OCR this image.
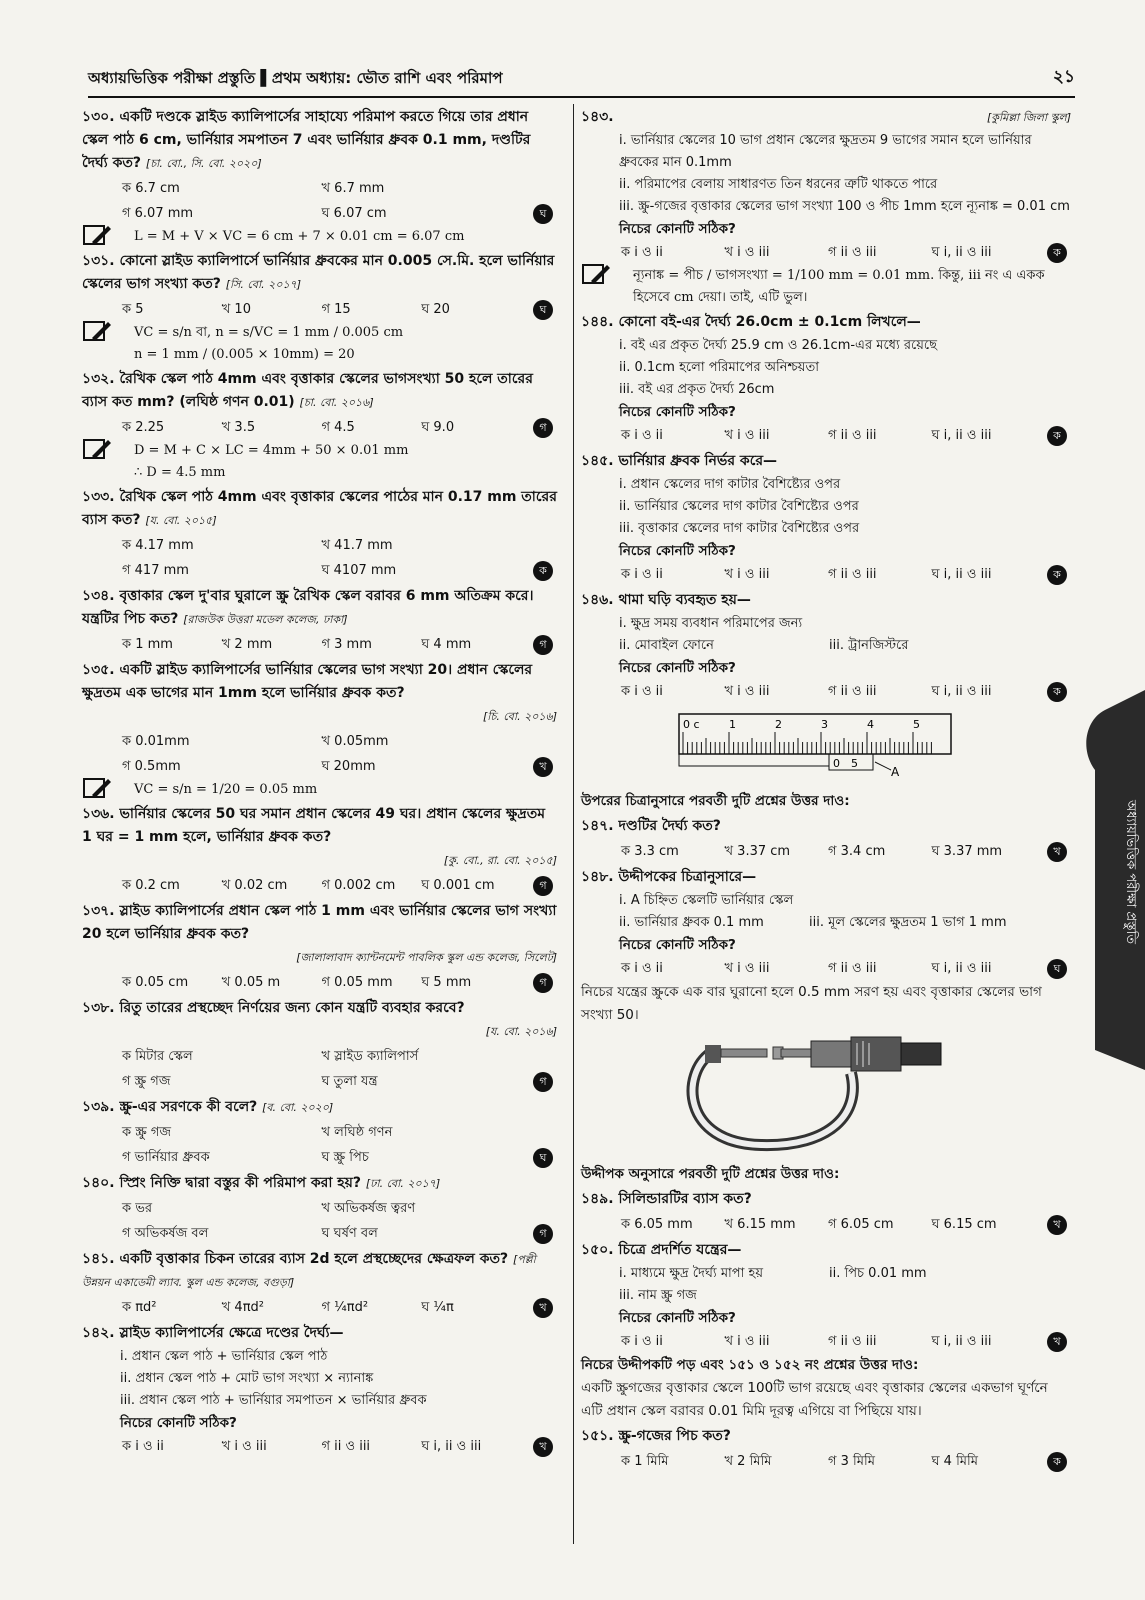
অধ্যায়ভিত্তিক পরীক্ষা প্রস্তুতি ▌প্রথম অধ্যায়: ভৌত রাশি এবং পরিমাপ	২১
১৩০. একটি দণ্ডকে স্লাইড ক্যালিপার্সের সাহায্যে পরিমাপ করতে গিয়ে তার প্রধান স্কেল পাঠ 6 cm, ভার্নিয়ার সমপাতন 7 এবং ভার্নিয়ার ধ্রুবক 0.1 mm, দণ্ডটির দৈর্ঘ্য কত? [চা. বো., সি. বো. ২০২০]
ক 6.7 cm	খ 6.7 mm
গ 6.07 mm	ঘ 6.07 cm	ঘ
L = M + V × VC = 6 cm + 7 × 0.01 cm = 6.07 cm
১৩১. কোনো স্লাইড ক্যালিপার্সে ভার্নিয়ার ধ্রুবকের মান 0.005 সে.মি. হলে ভার্নিয়ার স্কেলের ভাগ সংখ্যা কত? [সি. বো. ২০১৭]
ক 5	খ 10	গ 15	ঘ 20	ঘ
VC = s/n বা, n = s/VC = 1 mm / 0.005 cm
n = 1 mm / (0.005 × 10mm) = 20
১৩২. রৈখিক স্কেল পাঠ 4mm এবং বৃত্তাকার স্কেলের ভাগসংখ্যা 50 হলে তারের ব্যাস কত mm? (লঘিষ্ঠ গণন 0.01) [চা. বো. ২০১৬]
ক 2.25	খ 3.5	গ 4.5	ঘ 9.0	গ
D = M + C × LC = 4mm + 50 × 0.01 mm
∴ D = 4.5 mm
১৩৩. রৈখিক স্কেল পাঠ 4mm এবং বৃত্তাকার স্কেলের পাঠের মান 0.17 mm তারের ব্যাস কত? [য. বো. ২০১৫]
ক 4.17 mm	খ 41.7 mm
গ 417 mm	ঘ 4107 mm	ক
১৩৪. বৃত্তাকার স্কেল দু'বার ঘুরালে স্ক্রু রৈখিক স্কেল বরাবর 6 mm অতিক্রম করে। যন্ত্রটির পিচ কত? [রাজউক উত্তরা মডেল কলেজ, ঢাকা]
ক 1 mm	খ 2 mm	গ 3 mm	ঘ 4 mm	গ
১৩৫. একটি স্লাইড ক্যালিপার্সের ভার্নিয়ার স্কেলের ভাগ সংখ্যা 20। প্রধান স্কেলের ক্ষুদ্রতম এক ভাগের মান 1mm হলে ভার্নিয়ার ধ্রুবক কত?
[চি. বো. ২০১৬]
ক 0.01mm	খ 0.05mm
গ 0.5mm	ঘ 20mm	খ
VC = s/n = 1/20 = 0.05 mm
১৩৬. ভার্নিয়ার স্কেলের 50 ঘর সমান প্রধান স্কেলের 49 ঘর। প্রধান স্কেলের ক্ষুদ্রতম 1 ঘর = 1 mm হলে, ভার্নিয়ার ধ্রুবক কত?
[কু. বো., রা. বো. ২০১৫]
ক 0.2 cm	খ 0.02 cm	গ 0.002 cm	ঘ 0.001 cm	গ
১৩৭. স্লাইড ক্যালিপার্সের প্রধান স্কেল পাঠ 1 mm এবং ভার্নিয়ার স্কেলের ভাগ সংখ্যা 20 হলে ভার্নিয়ার ধ্রুবক কত?
[জালালাবাদ ক্যান্টনমেন্ট পাবলিক স্কুল এন্ড কলেজ, সিলেট]
ক 0.05 cm	খ 0.05 m	গ 0.05 mm	ঘ 5 mm	গ
১৩৮. রিতু তারের প্রস্থচ্ছেদ নির্ণয়ের জন্য কোন যন্ত্রটি ব্যবহার করবে?
[য. বো. ২০১৬]
ক মিটার স্কেল	খ স্লাইড ক্যালিপার্স
গ স্ক্রু গজ	ঘ তুলা যন্ত্র	গ
১৩৯. স্ক্রু-এর সরণকে কী বলে? [ব. বো. ২০২০]
ক স্ক্রু গজ	খ লঘিষ্ঠ গণন
গ ভার্নিয়ার ধ্রুবক	ঘ স্ক্রু পিচ	ঘ
১৪০. স্প্রিং নিক্তি দ্বারা বস্তুর কী পরিমাপ করা হয়? [ঢা. বো. ২০১৭]
ক ভর	খ অভিকর্ষজ ত্বরণ
গ অভিকর্ষজ বল	ঘ ঘর্ষণ বল	গ
১৪১. একটি বৃত্তাকার চিকন তারের ব্যাস 2d হলে প্রস্থচ্ছেদের ক্ষেত্রফল কত? [পল্লী উন্নয়ন একাডেমী ল্যাব. স্কুল এন্ড কলেজ, বগুড়া]
ক πd²	খ 4πd²	গ ¼πd²	ঘ ¼π	খ
১৪২. স্লাইড ক্যালিপার্সের ক্ষেত্রে দণ্ডের দৈর্ঘ্য—
i. প্রধান স্কেল পাঠ + ভার্নিয়ার স্কেল পাঠ
ii. প্রধান স্কেল পাঠ + মোট ভাগ সংখ্যা × ন্যানাঙ্ক
iii. প্রধান স্কেল পাঠ + ভার্নিয়ার সমপাতন × ভার্নিয়ার ধ্রুবক
নিচের কোনটি সঠিক?
ক i ও ii	খ i ও iii	গ ii ও iii	ঘ i, ii ও iii	খ
১৪৩.	[কুমিল্লা জিলা স্কুল]
i. ভার্নিয়ার স্কেলের 10 ভাগ প্রধান স্কেলের ক্ষুদ্রতম 9 ভাগের সমান হলে ভার্নিয়ার ধ্রুবকের মান 0.1mm
ii. পরিমাপের বেলায় সাধারণত তিন ধরনের ত্রুটি থাকতে পারে
iii. স্ক্রু-গজের বৃত্তাকার স্কেলের ভাগ সংখ্যা 100 ও পীচ 1mm হলে ন্যূনাঙ্ক = 0.01 cm
নিচের কোনটি সঠিক?
ক i ও ii	খ i ও iii	গ ii ও iii	ঘ i, ii ও iii	ক
ন্যূনাঙ্ক = পীচ / ভাগসংখ্যা = 1/100 mm = 0.01 mm. কিন্তু, iii নং এ একক
হিসেবে cm দেয়া। তাই, এটি ভুল।
১৪৪. কোনো বই-এর দৈর্ঘ্য 26.0cm ± 0.1cm লিখলে—
i. বই এর প্রকৃত দৈর্ঘ্য 25.9 cm ও 26.1cm-এর মধ্যে রয়েছে
ii. 0.1cm হলো পরিমাপের অনিশ্চয়তা
iii. বই এর প্রকৃত দৈর্ঘ্য 26cm
নিচের কোনটি সঠিক?
ক i ও ii	খ i ও iii	গ ii ও iii	ঘ i, ii ও iii	ক
১৪৫. ভার্নিয়ার ধ্রুবক নির্ভর করে—
i. প্রধান স্কেলের দাগ কাটার বৈশিষ্ট্যের ওপর
ii. ভার্নিয়ার স্কেলের দাগ কাটার বৈশিষ্ট্যের ওপর
iii. বৃত্তাকার স্কেলের দাগ কাটার বৈশিষ্ট্যের ওপর
নিচের কোনটি সঠিক?
ক i ও ii	খ i ও iii	গ ii ও iii	ঘ i, ii ও iii	ক
১৪৬. থামা ঘড়ি ব্যবহৃত হয়—
i. ক্ষুদ্র সময় ব্যবধান পরিমাপের জন্য
ii. মোবাইল ফোনে	iii. ট্রানজিস্টরে
নিচের কোনটি সঠিক?
ক i ও ii	খ i ও iii	গ ii ও iii	ঘ i, ii ও iii	ক
0 c	1	2	3	4	5
0 5
A
উপরের চিত্রানুসারে পরবর্তী দুটি প্রশ্নের উত্তর দাও:
১৪৭. দণ্ডটির দৈর্ঘ্য কত?
ক 3.3 cm	খ 3.37 cm	গ 3.4 cm	ঘ 3.37 mm	খ
১৪৮. উদ্দীপকের চিত্রানুসারে—
i. A চিহ্নিত স্কেলটি ভার্নিয়ার স্কেল
ii. ভার্নিয়ার ধ্রুবক 0.1 mm	iii. মূল স্কেলের ক্ষুদ্রতম 1 ভাগ 1 mm
নিচের কোনটি সঠিক?
ক i ও ii	খ i ও iii	গ ii ও iii	ঘ i, ii ও iii	ঘ
নিচের যন্ত্রের স্ক্রুকে এক বার ঘুরানো হলে 0.5 mm সরণ হয় এবং বৃত্তাকার স্কেলের ভাগ সংখ্যা 50।
উদ্দীপক অনুসারে পরবর্তী দুটি প্রশ্নের উত্তর দাও:
১৪৯. সিলিন্ডারটির ব্যাস কত?
ক 6.05 mm	খ 6.15 mm	গ 6.05 cm	ঘ 6.15 cm	খ
১৫০. চিত্রে প্রদর্শিত যন্ত্রের—
i. মাধ্যমে ক্ষুদ্র দৈর্ঘ্য মাপা হয়	ii. পিচ 0.01 mm
iii. নাম স্ক্রু গজ
নিচের কোনটি সঠিক?
ক i ও ii	খ i ও iii	গ ii ও iii	ঘ i, ii ও iii	খ
নিচের উদ্দীপকটি পড় এবং ১৫১ ও ১৫২ নং প্রশ্নের উত্তর দাও:
একটি স্ক্রুগজের বৃত্তাকার স্কেলে 100টি ভাগ রয়েছে এবং বৃত্তাকার স্কেলের একভাগ ঘূর্ণনে এটি প্রধান স্কেল বরাবর 0.01 মিমি দূরত্ব এগিয়ে বা পিছিয়ে যায়।
১৫১. স্ক্রু-গজের পিচ কত?
ক 1 মিমি	খ 2 মিমি	গ 3 মিমি	ঘ 4 মিমি	ক
অধ্যায়ভিত্তিক পরীক্ষা প্রস্তুতি
